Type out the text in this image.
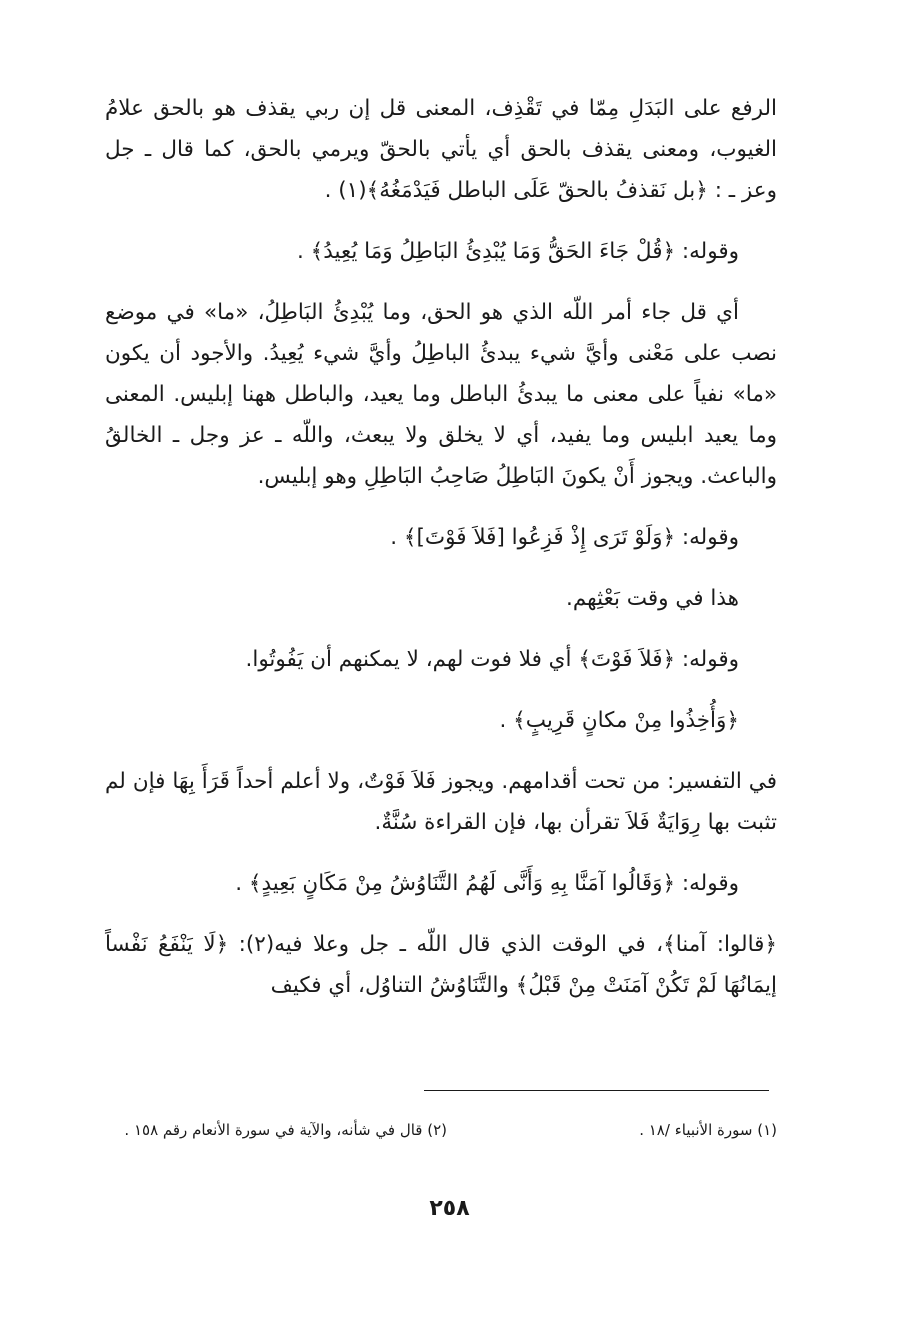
الرفع على البَدَلِ مِمّا في تَقْذِف، المعنى قل إن ربي يقذف هو بالحق علامُ الغيوب، ومعنى يقذف بالحق أي يأتي بالحقّ ويرمي بالحق، كما قال ـ جل وعز ـ : ﴿بل نَقذفُ بالحقّ عَلَى الباطل فَيَدْمَغُهُ﴾(١) .

وقوله: ﴿قُلْ جَاءَ الحَقُّ وَمَا يُبْدِئُ البَاطِلُ وَمَا يُعِيدُ﴾ .

أي قل جاء أمر اللّه الذي هو الحق، وما يُبْدِئُ البَاطِلُ، «ما» في موضع نصب على مَعْنى وأيَّ شيء يبدئُ الباطِلُ وأيَّ شيء يُعِيدُ. والأجود أن يكون «ما» نفياً على معنى ما يبدئُ الباطل وما يعيد، والباطل ههنا إبليس. المعنى وما يعيد ابليس وما يفيد، أي لا يخلق ولا يبعث، واللّه ـ عز وجل ـ الخالقُ والباعث. ويجوز أَنْ يكونَ البَاطِلُ صَاحِبُ البَاطِلِ وهو إبليس.

وقوله: ﴿وَلَوْ تَرَى إِذْ فَزِعُوا [فَلاَ فَوْتَ]﴾ .

هذا في وقت بَعْثِهم.

وقوله: ﴿فَلاَ فَوْتَ﴾ أي فلا فوت لهم، لا يمكنهم أن يَفُوتُوا.

﴿وَأُخِذُوا مِنْ مكانٍ قَرِيبٍ﴾ .

في التفسير: من تحت أقدامهم. ويجوز فَلاَ فَوْتٌ، ولا أعلم أحداً قَرَأَ بِهَا فإن لم تثبت بها رِوَايَةٌ فَلاَ تقرأن بها، فإن القراءة سُنَّةٌ.

وقوله: ﴿وَقَالُوا آمَنَّا بِهِ وَأَنَّى لَهُمُ التَّنَاوُشُ مِنْ مَكَانٍ بَعِيدٍ﴾ .

﴿قالوا: آمنا﴾، في الوقت الذي قال اللّه ـ جل وعلا فيه(٢): ﴿لَا يَنْفَعُ نَفْساً إيمَانُهَا لَمْ تَكُنْ آمَنَتْ مِنْ قَبْلُ﴾ والتَّنَاوُشُ التناوُل، أي فكيف

(١) سورة الأنبياء /١٨ .
(٢) قال في شأنه، والآية في سورة الأنعام رقم ١٥٨ .
٢٥٨
